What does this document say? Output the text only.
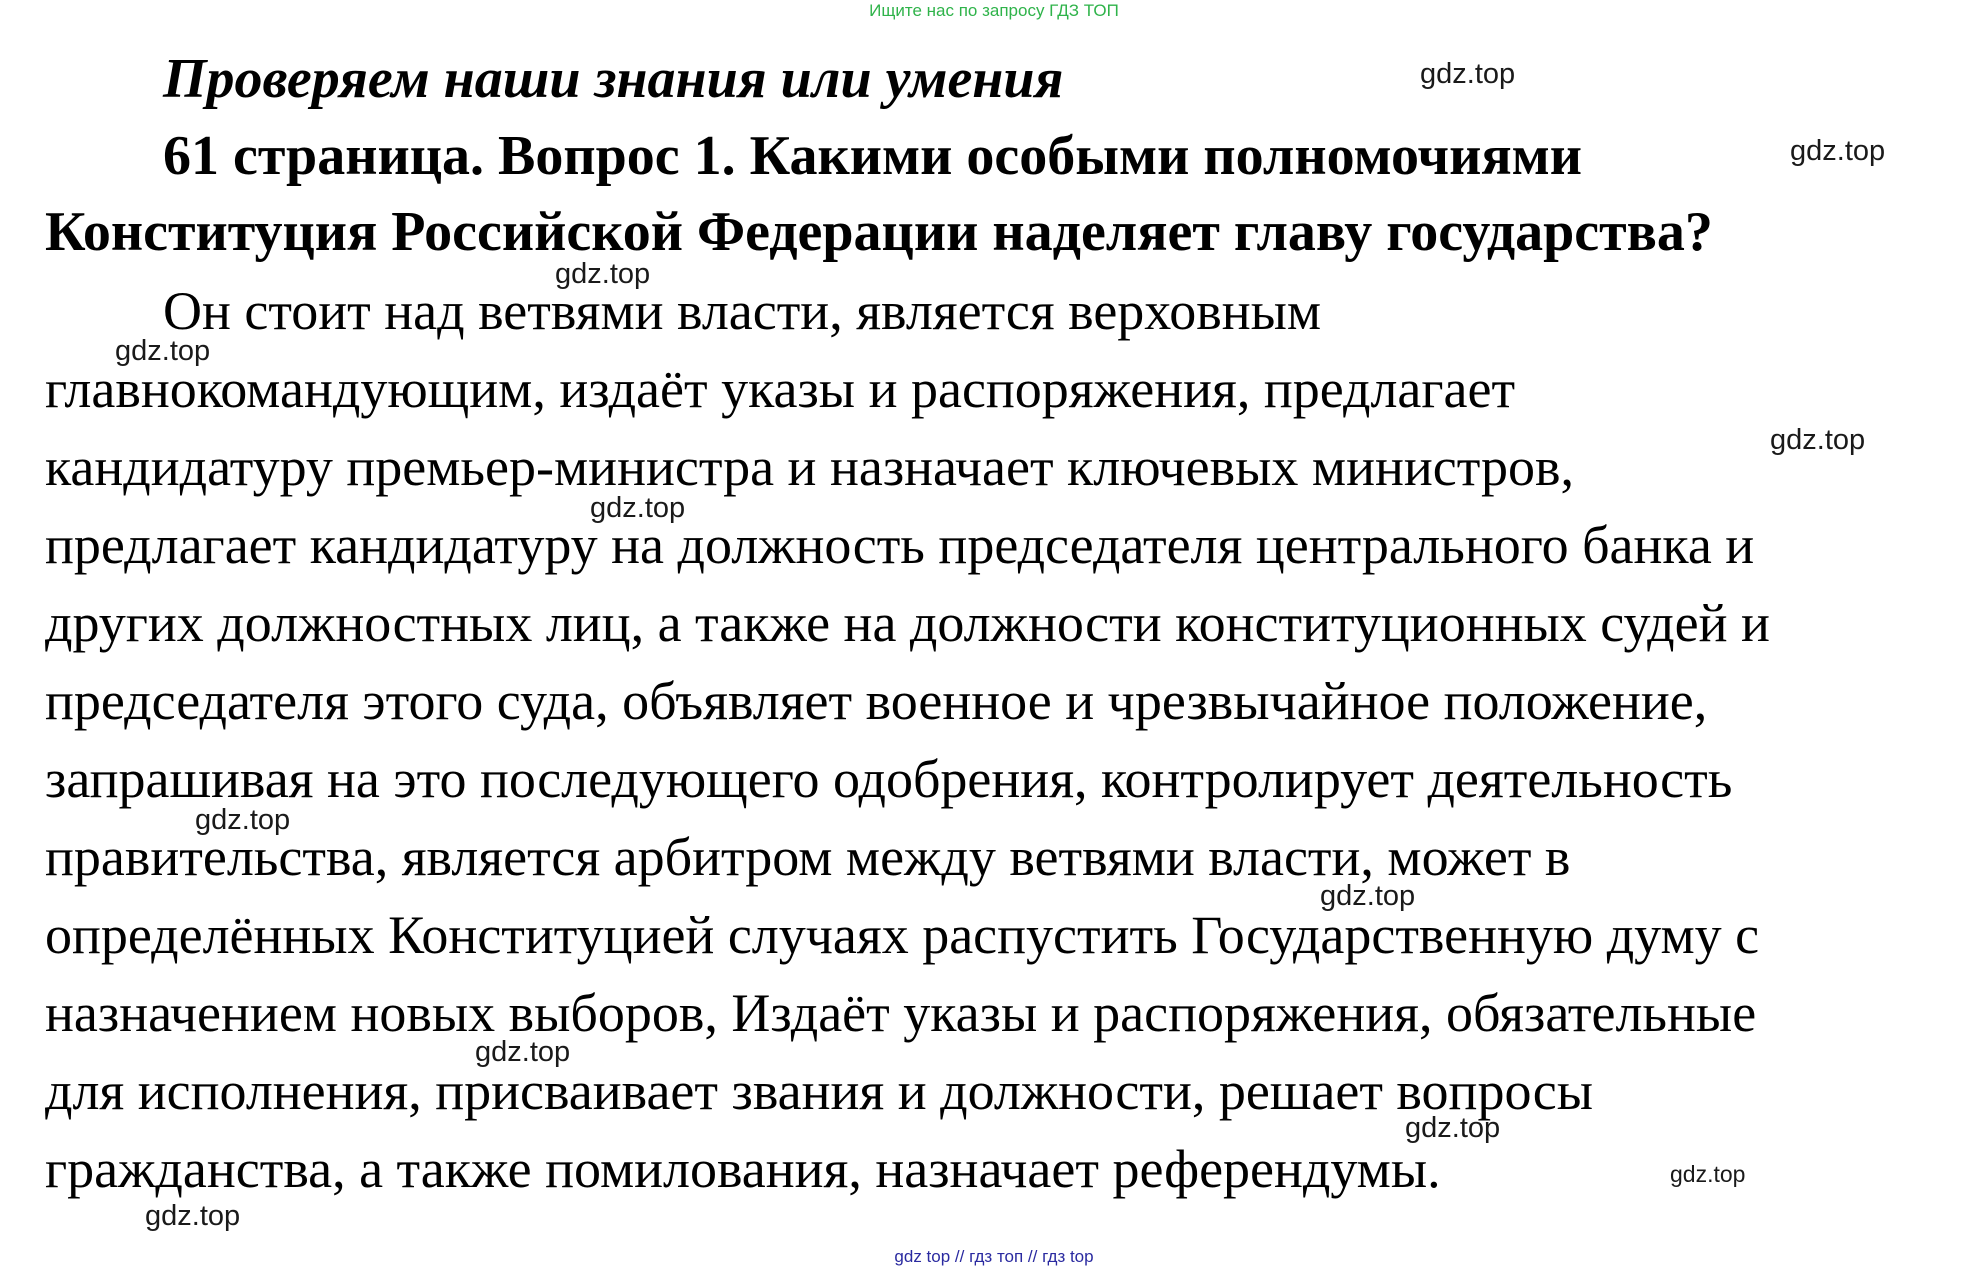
Ищите нас по запросу ГДЗ ТОП
Проверяем наши знания или умения
61 страница. Вопрос 1. Какими особыми полномочиями
Конституция Российской Федерации наделяет главу государства?
Он стоит над ветвями власти, является верховным
главнокомандующим, издаёт указы и распоряжения, предлагает
кандидатуру премьер-министра и назначает ключевых министров,
предлагает кандидатуру на должность председателя центрального банка и
других должностных лиц, а также на должности конституционных судей и
председателя этого суда, объявляет военное и чрезвычайное положение,
запрашивая на это последующего одобрения, контролирует деятельность
правительства, является арбитром между ветвями власти, может в
определённых Конституцией случаях распустить Государственную думу с
назначением новых выборов, Издаёт указы и распоряжения, обязательные
для исполнения, присваивает звания и должности, решает вопросы
гражданства, а также помилования, назначает референдумы.
gdz.top
gdz.top
gdz.top
gdz.top
gdz.top
gdz.top
gdz.top
gdz.top
gdz.top
gdz.top
gdz.top
gdz.top
gdz top // гдз топ // гдз top
